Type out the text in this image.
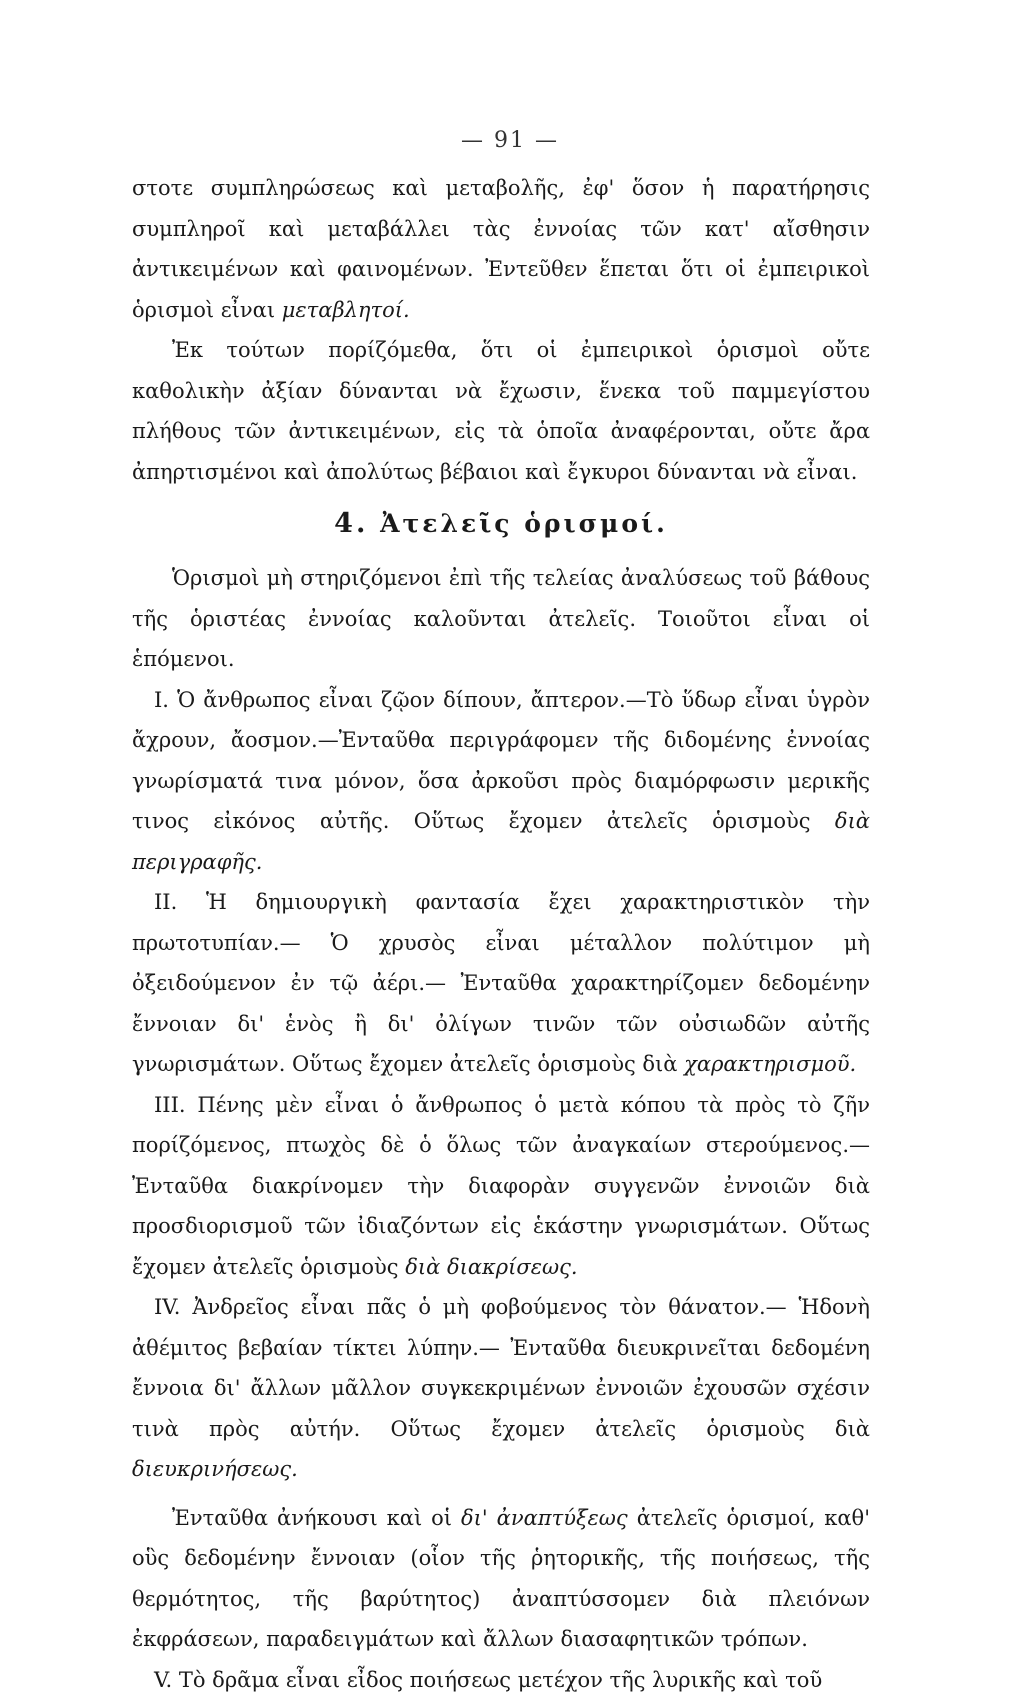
— 91 —

στοτε συμπληρώσεως καὶ μεταβολῆς, ἐφ' ὅσον ἡ παρατήρησις συμπληροῖ καὶ μεταβάλλει τὰς ἐννοίας τῶν κατ' αἴσθησιν ἀντικειμένων καὶ φαινομένων. Ἐντεῦθεν ἕπεται ὅτι οἱ ἐμπειρικοὶ ὁρισμοὶ εἶναι μεταβλητοί.

Ἐκ τούτων πορίζόμεθα, ὅτι οἱ ἐμπειρικοὶ ὁρισμοὶ οὔτε καθολικὴν ἀξίαν δύνανται νὰ ἔχωσιν, ἕνεκα τοῦ παμμεγίστου πλήθους τῶν ἀντικειμένων, εἰς τὰ ὁποῖα ἀναφέρονται, οὔτε ἄρα ἀπηρτισμένοι καὶ ἀπολύτως βέβαιοι καὶ ἔγκυροι δύνανται νὰ εἶναι.

4. Ἀτελεῖς ὁρισμοί.

Ὁρισμοὶ μὴ στηριζόμενοι ἐπὶ τῆς τελείας ἀναλύσεως τοῦ βάθους τῆς ὁριστέας ἐννοίας καλοῦνται ἀτελεῖς. Τοιοῦτοι εἶναι οἱ ἑπόμενοι.

I. Ὁ ἄνθρωπος εἶναι ζῷον δίπουν, ἄπτερον.—Τὸ ὕδωρ εἶναι ὑγρὸν ἄχρουν, ἄοσμον.—Ἐνταῦθα περιγράφομεν τῆς διδομένης ἐννοίας γνωρίσματά τινα μόνον, ὅσα ἀρκοῦσι πρὸς διαμόρφωσιν μερικῆς τινος εἰκόνος αὐτῆς. Οὕτως ἔχομεν ἀτελεῖς ὁρισμοὺς διὰ περιγραφῆς.

II. Ἡ δημιουργικὴ φαντασία ἔχει χαρακτηριστικὸν τὴν πρωτοτυπίαν.— Ὁ χρυσὸς εἶναι μέταλλον πολύτιμον μὴ ὀξειδούμενον ἐν τῷ ἀέρι.— Ἐνταῦθα χαρακτηρίζομεν δεδομένην ἔννοιαν δι' ἑνὸς ἢ δι' ὀλίγων τινῶν τῶν οὐσιωδῶν αὐτῆς γνωρισμάτων. Οὕτως ἔχομεν ἀτελεῖς ὁρισμοὺς διὰ χαρακτηρισμοῦ.

III. Πένης μὲν εἶναι ὁ ἄνθρωπος ὁ μετὰ κόπου τὰ πρὸς τὸ ζῆν πορίζόμενος, πτωχὸς δὲ ὁ ὅλως τῶν ἀναγκαίων στερούμενος.—Ἐνταῦθα διακρίνομεν τὴν διαφορὰν συγγενῶν ἐννοιῶν διὰ προσδιορισμοῦ τῶν ἰδιαζόντων εἰς ἑκάστην γνωρισμάτων. Οὕτως ἔχομεν ἀτελεῖς ὁρισμοὺς διὰ διακρίσεως.

IV. Ἀνδρεῖος εἶναι πᾶς ὁ μὴ φοβούμενος τὸν θάνατον.— Ἡδονὴ ἀθέμιτος βεβαίαν τίκτει λύπην.— Ἐνταῦθα διευκρινεῖται δεδομένη ἔννοια δι' ἄλλων μᾶλλον συγκεκριμένων ἐννοιῶν ἐχουσῶν σχέσιν τινὰ πρὸς αὐτήν. Οὕτως ἔχομεν ἀτελεῖς ὁρισμοὺς διὰ διευκρινήσεως.

Ἐνταῦθα ἀνήκουσι καὶ οἱ δι' ἀναπτύξεως ἀτελεῖς ὁρισμοί, καθ' οὓς δεδομένην ἔννοιαν (οἷον τῆς ῥητορικῆς, τῆς ποιήσεως, τῆς θερμότητος, τῆς βαρύτητος) ἀναπτύσσομεν διὰ πλειόνων ἐκφράσεων, παραδειγμάτων καὶ ἄλλων διασαφητικῶν τρόπων.

V. Τὸ δρᾶμα εἶναι εἶδος ποιήσεως μετέχον τῆς λυρικῆς καὶ τοῦ
